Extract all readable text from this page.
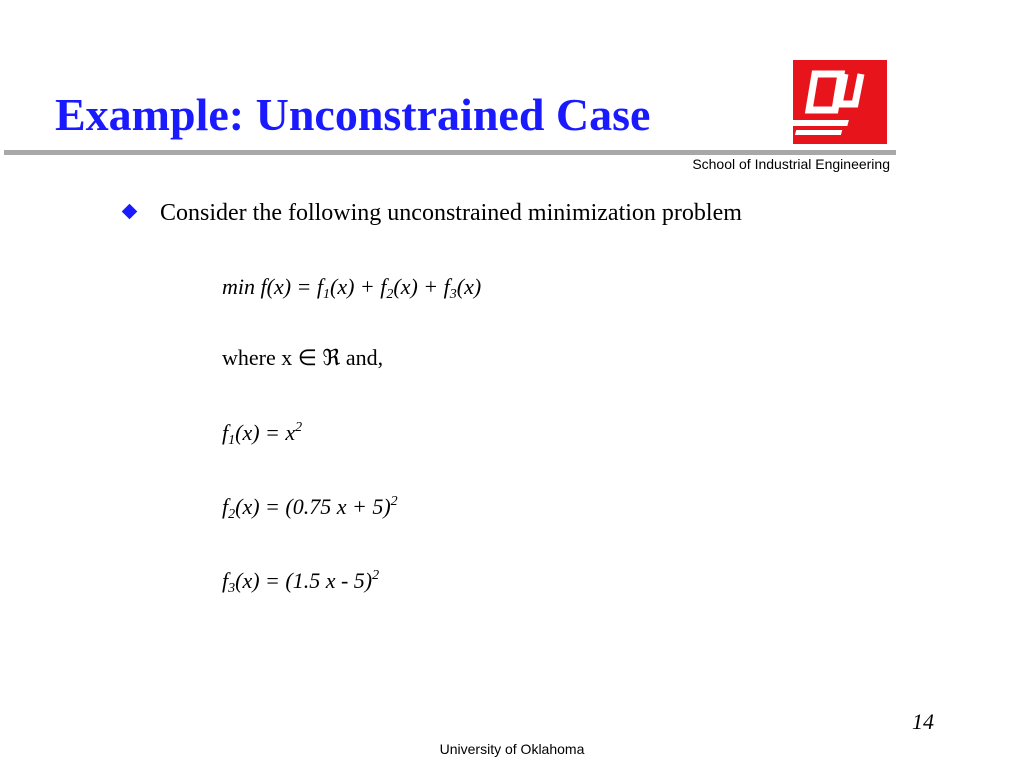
Example: Unconstrained Case
School of Industrial Engineering
Consider the following unconstrained minimization problem
$\min f(x) = f_1(x) + f_2(x) + f_3(x)$
where x ∈ ℜ and,
$f_1(x) = x^2$
$f_2(x) = (0.75$ x + 5)$^2$
$f_3(x) = (1.5$ x - 5)$^2$
14
University of Oklahoma
